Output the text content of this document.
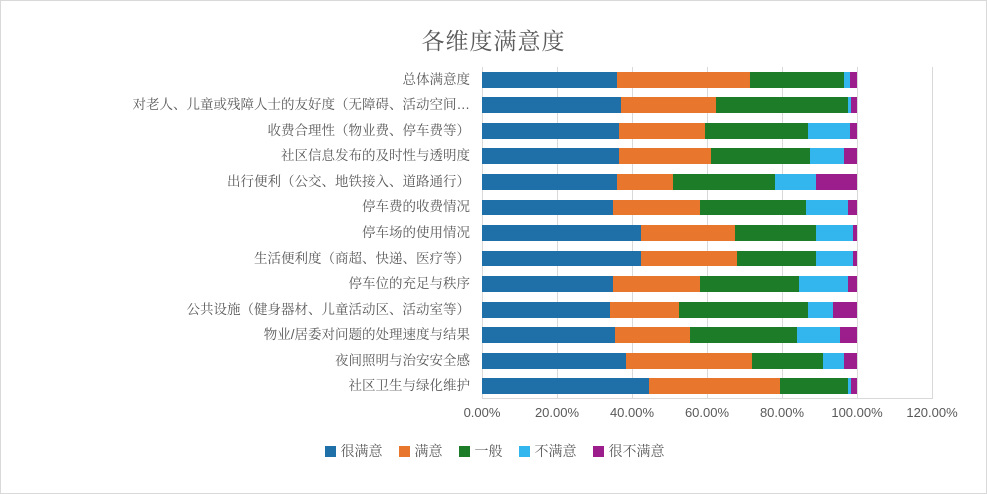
各维度满意度
总体满意度
对老人、儿童或残障人士的友好度（无障碍、活动空间…
收费合理性（物业费、停车费等）
社区信息发布的及时性与透明度
出行便利（公交、地铁接入、道路通行）
停车费的收费情况
停车场的使用情况
生活便利度（商超、快递、医疗等）
停车位的充足与秩序
公共设施（健身器材、儿童活动区、活动室等）
物业/居委对问题的处理速度与结果
夜间照明与治安安全感
社区卫生与绿化维护
0.00%	20.00% 40.00% 60.00% 80.00% 100.00% 120.00%
很满意 满意 一般 不满意 很不满意
